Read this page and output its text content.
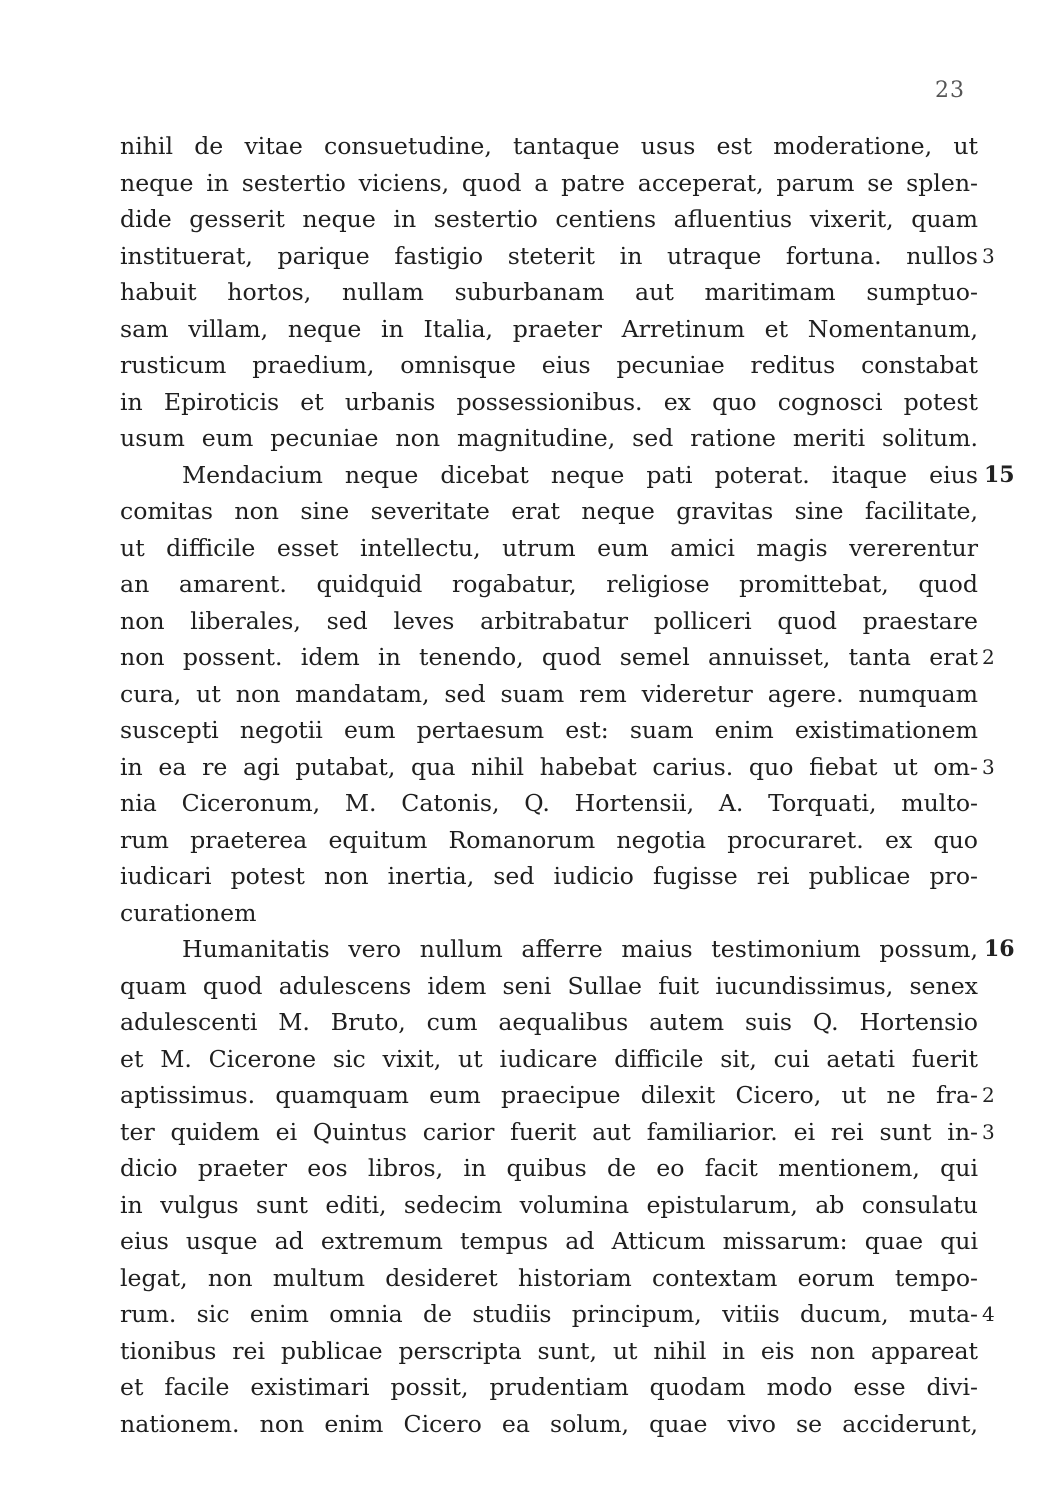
23
nihil de vitae consuetudine, tantaque usus est moderatione, ut
neque in sestertio viciens, quod a patre acceperat, parum se splen-
dide gesserit neque in sestertio centiens afluentius vixerit, quam
instituerat, parique fastigio steterit in utraque fortuna. nullos 3
habuit hortos, nullam suburbanam aut maritimam sumptuo-
sam villam, neque in Italia, praeter Arretinum et Nomentanum,
rusticum praedium, omnisque eius pecuniae reditus constabat
in Epiroticis et urbanis possessionibus. ex quo cognosci potest
usum eum pecuniae non magnitudine, sed ratione meriti solitum.
Mendacium neque dicebat neque pati poterat. itaque eius 15
comitas non sine severitate erat neque gravitas sine facilitate,
ut difficile esset intellectu, utrum eum amici magis vererentur
an amarent. quidquid rogabatur, religiose promittebat, quod
non liberales, sed leves arbitrabatur polliceri quod praestare
non possent. idem in tenendo, quod semel annuisset, tanta erat 2
cura, ut non mandatam, sed suam rem videretur agere. numquam
suscepti negotii eum pertaesum est: suam enim existimationem
in ea re agi putabat, qua nihil habebat carius. quo fiebat ut om- 3
nia Ciceronum, M. Catonis, Q. Hortensii, A. Torquati, multo-
rum praeterea equitum Romanorum negotia procuraret. ex quo
iudicari potest non inertia, sed iudicio fugisse rei publicae pro-
curationem
Humanitatis vero nullum afferre maius testimonium possum, 16
quam quod adulescens idem seni Sullae fuit iucundissimus, senex
adulescenti M. Bruto, cum aequalibus autem suis Q. Hortensio
et M. Cicerone sic vixit, ut iudicare difficile sit, cui aetati fuerit
aptissimus. quamquam eum praecipue dilexit Cicero, ut ne fra- 2
ter quidem ei Quintus carior fuerit aut familiarior. ei rei sunt in- 3
dicio praeter eos libros, in quibus de eo facit mentionem, qui
in vulgus sunt editi, sedecim volumina epistularum, ab consulatu
eius usque ad extremum tempus ad Atticum missarum: quae qui
legat, non multum desideret historiam contextam eorum tempo-
rum. sic enim omnia de studiis principum, vitiis ducum, muta- 4
tionibus rei publicae perscripta sunt, ut nihil in eis non appareat
et facile existimari possit, prudentiam quodam modo esse divi-
nationem. non enim Cicero ea solum, quae vivo se acciderunt,
